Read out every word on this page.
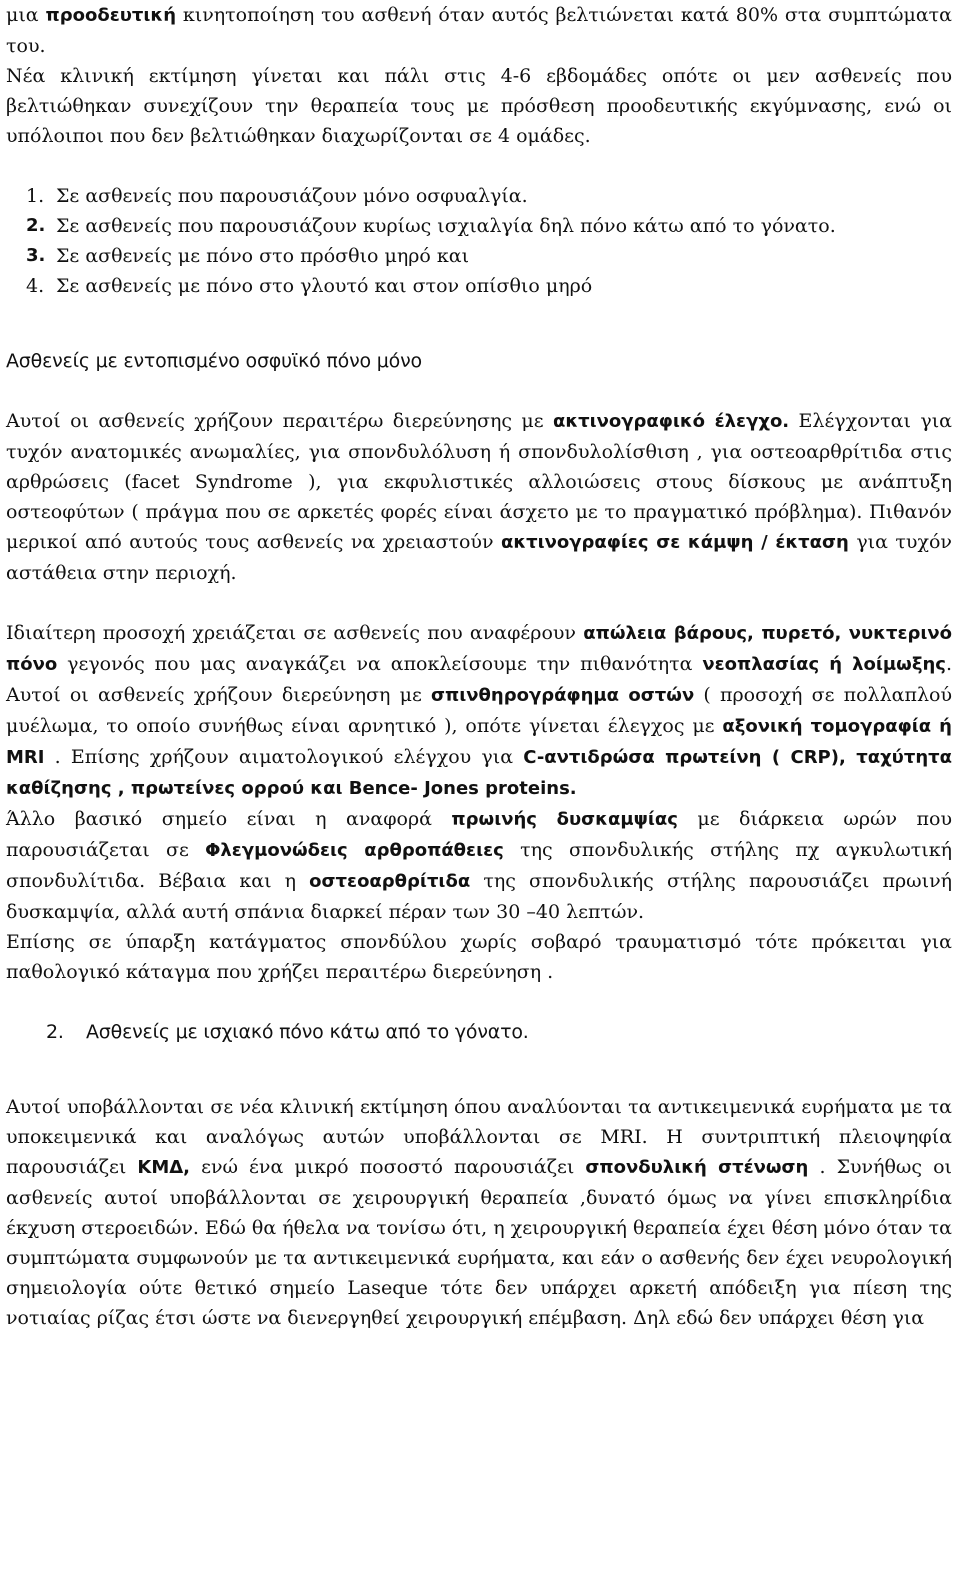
μια προοδευτική κινητοποίηση του ασθενή όταν αυτός βελτιώνεται κατά 80% στα συμπτώματα του.

Νέα κλινική εκτίμηση γίνεται και πάλι στις 4-6 εβδομάδες οπότε οι μεν ασθενείς που βελτιώθηκαν συνεχίζουν την θεραπεία τους με πρόσθεση προοδευτικής εκγύμνασης, ενώ οι υπόλοιποι που δεν βελτιώθηκαν διαχωρίζονται σε 4 ομάδες.

1. Σε ασθενείς που παρουσιάζουν μόνο οσφυαλγία.
2. Σε ασθενείς που παρουσιάζουν κυρίως ισχιαλγία δηλ πόνο κάτω από το γόνατο.
3. Σε ασθενείς με πόνο στο πρόσθιο μηρό και
4. Σε ασθενείς με πόνο στο γλουτό και στον οπίσθιο μηρό

Ασθενείς με εντοπισμένο οσφυϊκό πόνο μόνο

Αυτοί οι ασθενείς χρήζουν περαιτέρω διερεύνησης με ακτινογραφικό έλεγχο. Ελέγχονται για τυχόν ανατομικές ανωμαλίες, για σπονδυλόλυση ή σπονδυλολίσθιση , για οστεοαρθρίτιδα στις αρθρώσεις (facet Syndrome ), για εκφυλιστικές αλλοιώσεις στους δίσκους με ανάπτυξη οστεοφύτων ( πράγμα που σε αρκετές φορές είναι άσχετο με το πραγματικό πρόβλημα). Πιθανόν μερικοί από αυτούς τους ασθενείς να χρειαστούν ακτινογραφίες σε κάμψη / έκταση για τυχόν αστάθεια στην περιοχή.

Ιδιαίτερη προσοχή χρειάζεται σε ασθενείς που αναφέρουν απώλεια βάρους, πυρετό, νυκτερινό πόνο γεγονός που μας αναγκάζει να αποκλείσουμε την πιθανότητα νεοπλασίας ή λοίμωξης. Αυτοί οι ασθενείς χρήζουν διερεύνηση με σπινθηρογράφημα οστών ( προσοχή σε πολλαπλού μυέλωμα, το οποίο συνήθως είναι αρνητικό ), οπότε γίνεται έλεγχος με αξονική τομογραφία ή MRI . Επίσης χρήζουν αιματολογικού ελέγχου για C-αντιδρώσα πρωτείνη ( CRP), ταχύτητα καθίζησης , πρωτείνες ορρού και Bence- Jones proteins.

Άλλο βασικό σημείο είναι η αναφορά πρωινής δυσκαμψίας με διάρκεια ωρών που παρουσιάζεται σε Φλεγμονώδεις αρθροπάθειες της σπονδυλικής στήλης πχ αγκυλωτική σπονδυλίτιδα. Βέβαια και η οστεοαρθρίτιδα της σπονδυλικής στήλης παρουσιάζει πρωινή δυσκαμψία, αλλά αυτή σπάνια διαρκεί πέραν των 30 –40 λεπτών.

Επίσης σε ύπαρξη κατάγματος σπονδύλου χωρίς σοβαρό τραυματισμό τότε πρόκειται για παθολογικό κάταγμα που χρήζει περαιτέρω διερεύνηση .

2. Ασθενείς με ισχιακό πόνο κάτω από το γόνατο.

Αυτοί υποβάλλονται σε νέα κλινική εκτίμηση όπου αναλύονται τα αντικειμενικά ευρήματα με τα υποκειμενικά και αναλόγως αυτών υποβάλλονται σε MRI. Η συντριπτική πλειοψηφία παρουσιάζει ΚΜΔ, ενώ ένα μικρό ποσοστό παρουσιάζει σπονδυλική στένωση . Συνήθως οι ασθενείς αυτοί υποβάλλονται σε χειρουργική θεραπεία ,δυνατό όμως να γίνει επισκληρίδια έκχυση στεροειδών. Εδώ θα ήθελα να τονίσω ότι, η χειρουργική θεραπεία έχει θέση μόνο όταν τα συμπτώματα συμφωνούν με τα αντικειμενικά ευρήματα, και εάν ο ασθενής δεν έχει νευρολογική σημειολογία ούτε θετικό σημείο Laseque τότε δεν υπάρχει αρκετή απόδειξη για πίεση της νοτιαίας ρίζας έτσι ώστε να διενεργηθεί χειρουργική επέμβαση. Δηλ εδώ δεν υπάρχει θέση για
